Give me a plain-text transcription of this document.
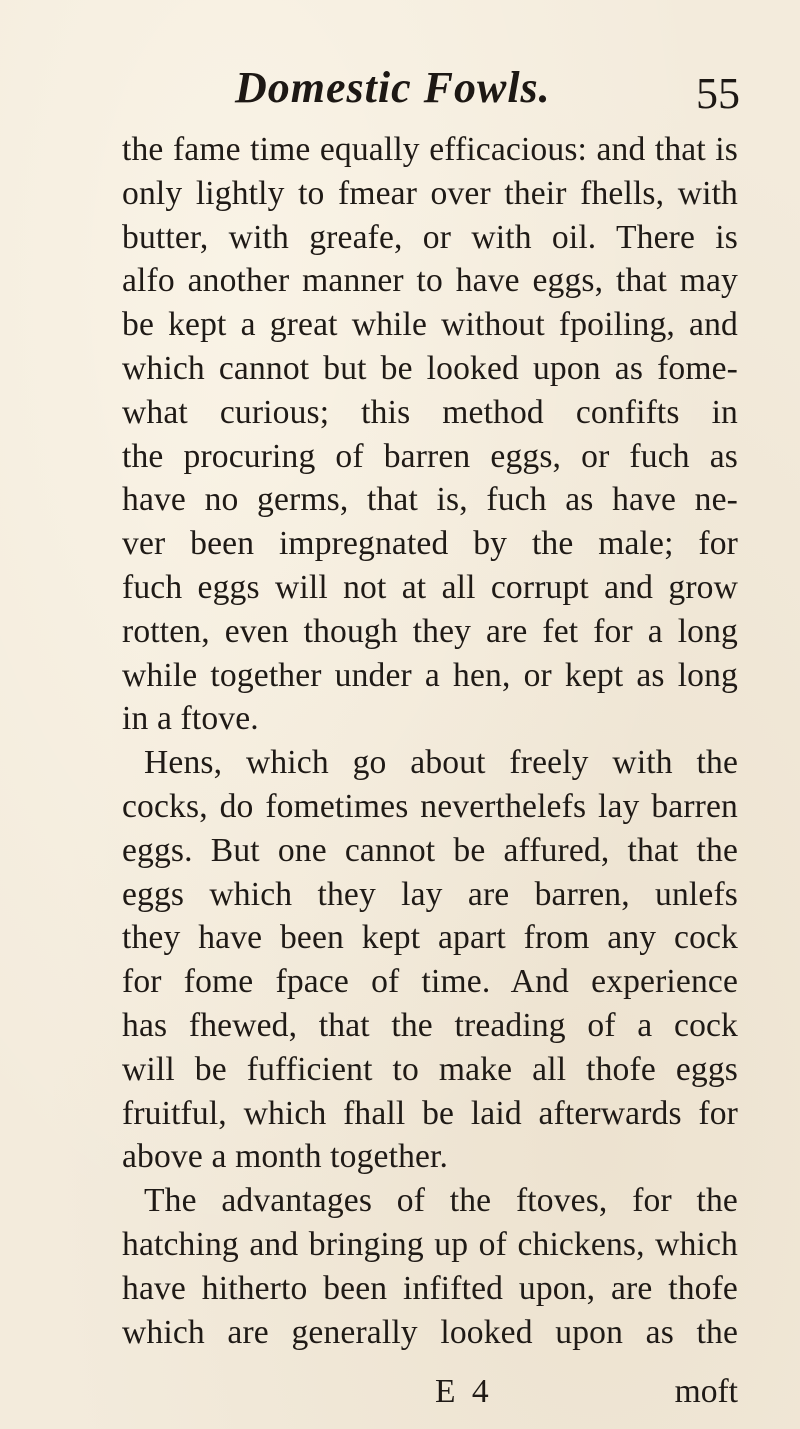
Domestic Fowls.	55
the fame time equally efficacious: and that is
only lightly to fmear over their fhells, with
butter, with greafe, or with oil. There is
alfo another manner to have eggs, that may
be kept a great while without fpoiling, and
which cannot but be looked upon as fome-
what curious; this method confifts in
the procuring of barren eggs, or fuch as
have no germs, that is, fuch as have ne-
ver been impregnated by the male; for
fuch eggs will not at all corrupt and grow
rotten, even though they are fet for a long
while together under a hen, or kept as long
in a ftove.
Hens, which go about freely with the
cocks, do fometimes neverthelefs lay barren
eggs. But one cannot be affured, that the
eggs which they lay are barren, unlefs
they have been kept apart from any cock
for fome fpace of time. And experience
has fhewed, that the treading of a cock
will be fufficient to make all thofe eggs
fruitful, which fhall be laid afterwards for
above a month together.
The advantages of the ftoves, for the
hatching and bringing up of chickens, which
have hitherto been infifted upon, are thofe
which are generally looked upon as the
E 4	moft
